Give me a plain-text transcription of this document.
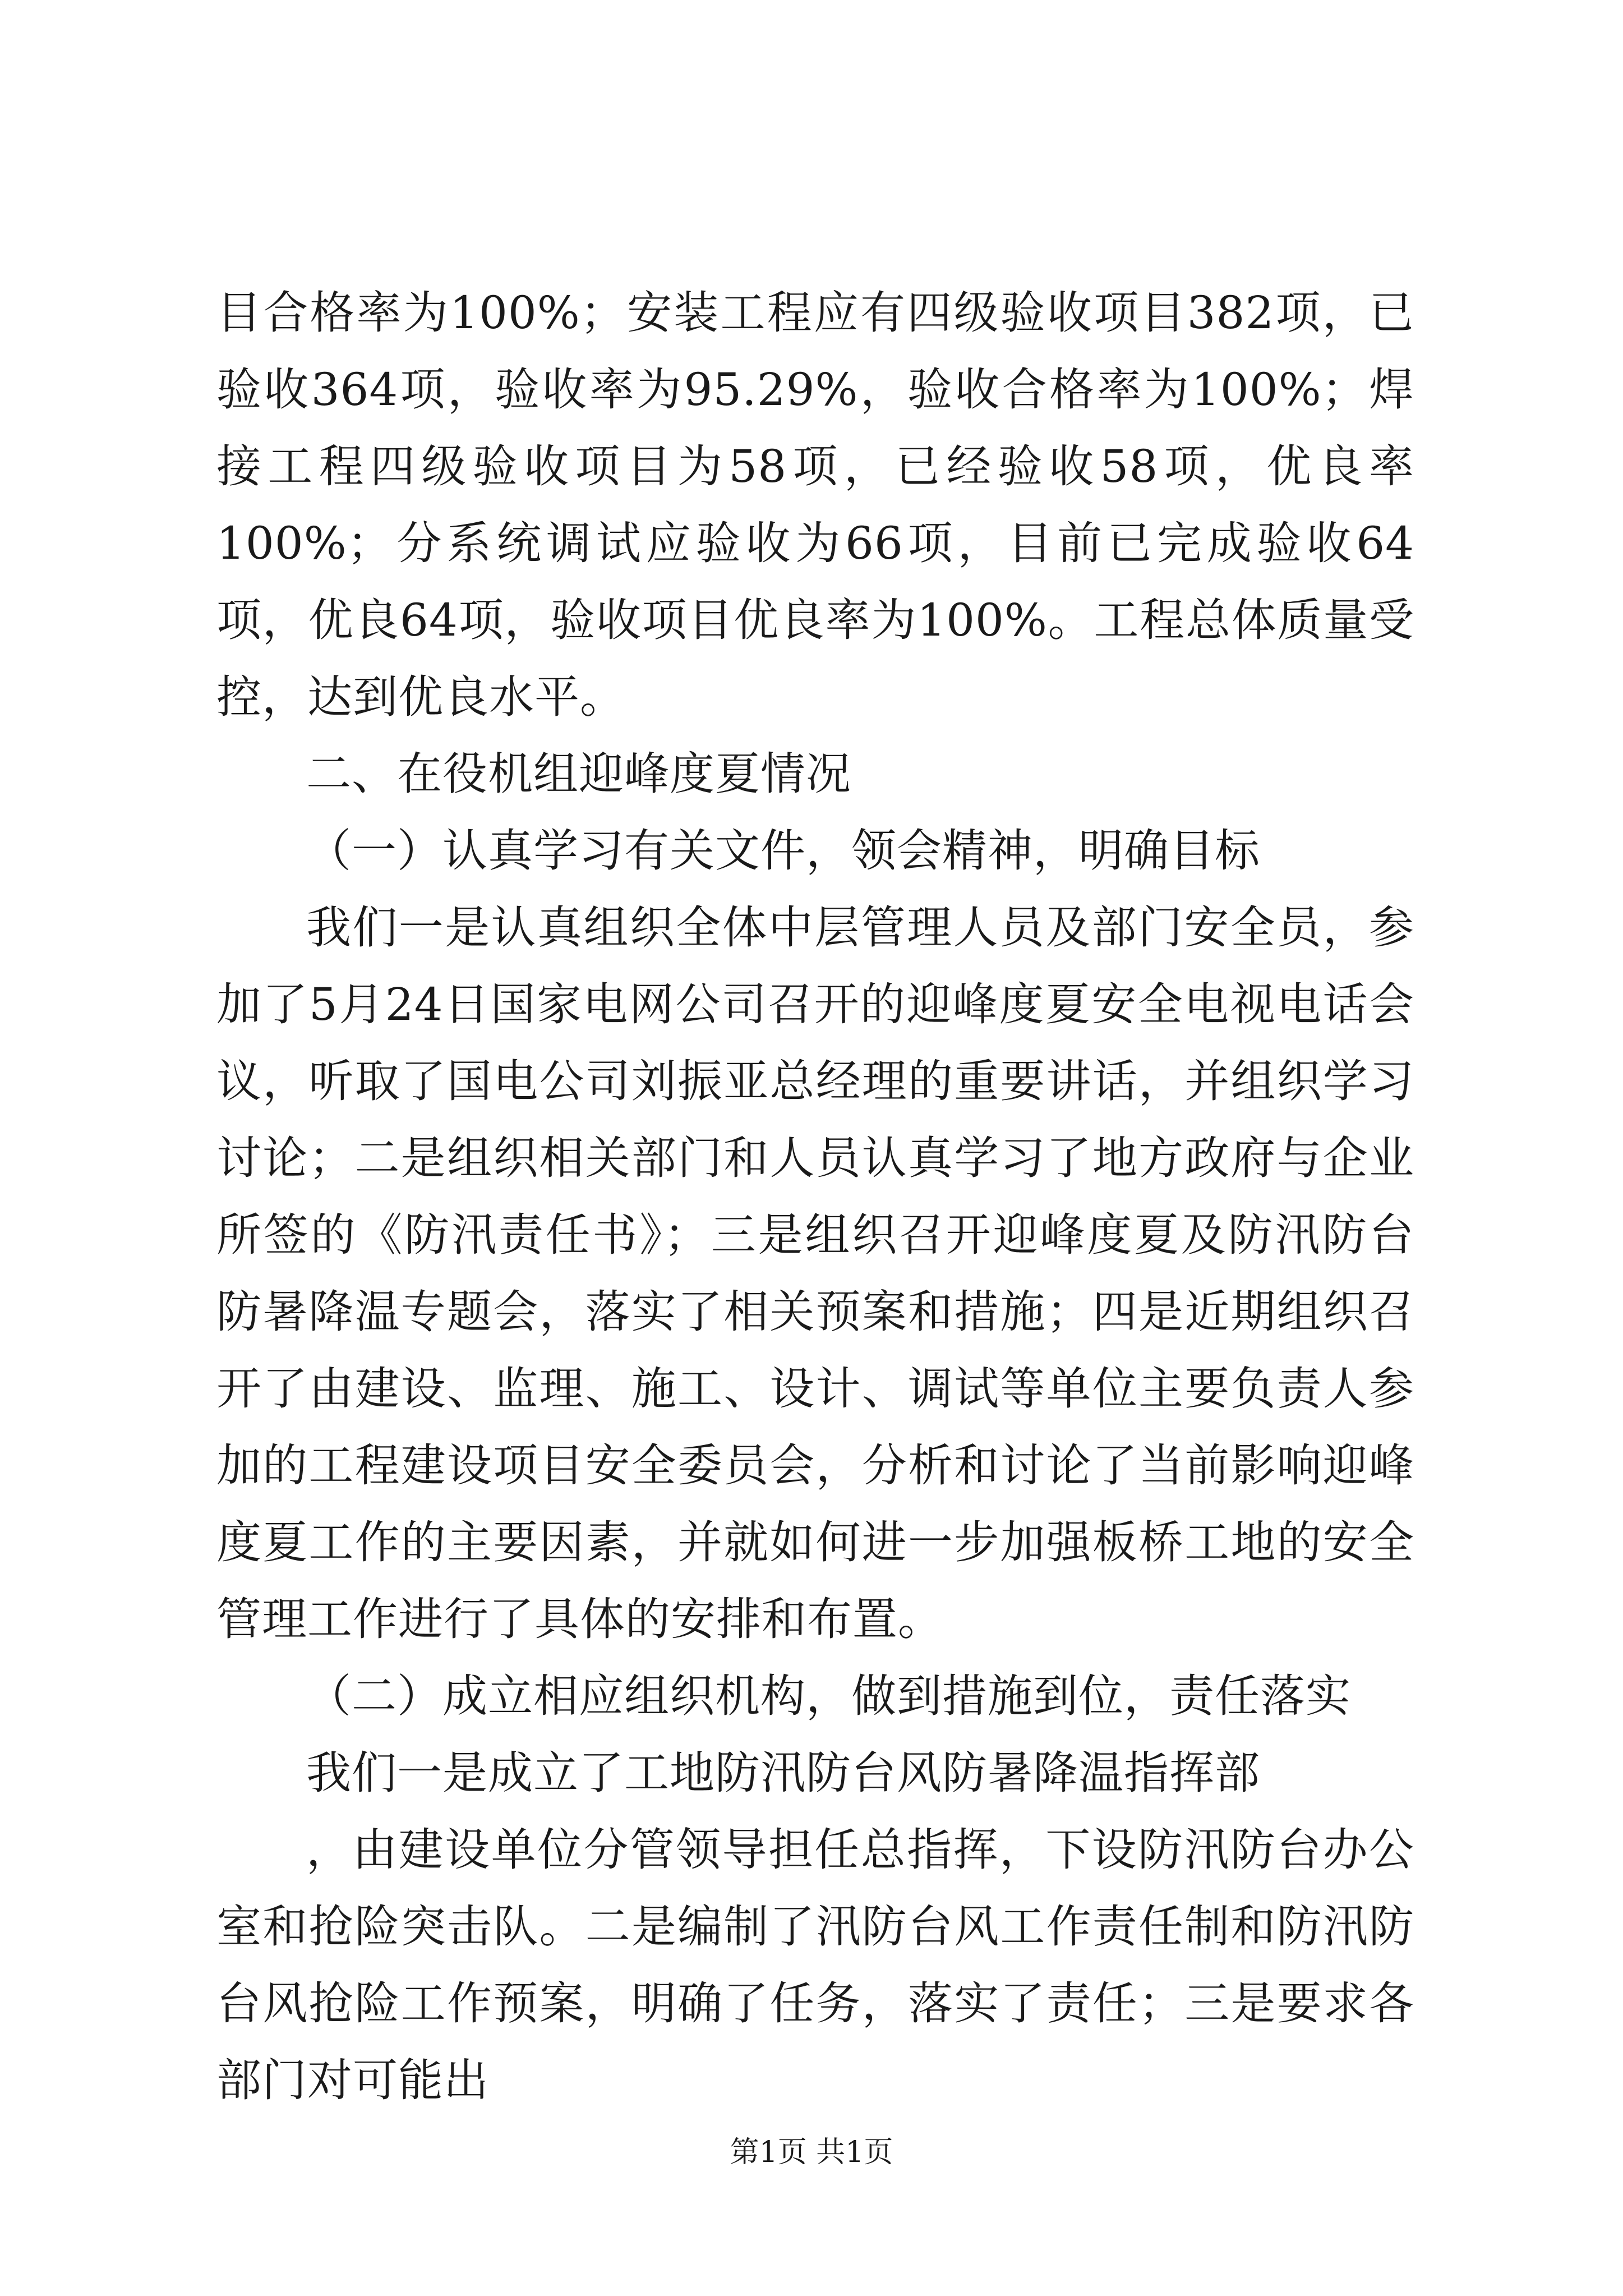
目合格率为100%；安装工程应有四级验收项目382项，已验收364项，验收率为95.29%，验收合格率为100%；焊接工程四级验收项目为58项，已经验收58项，优良率100%；分系统调试应验收为66项，目前已完成验收64项，优良64项，验收项目优良率为100%。工程总体质量受控，达到优良水平。

二、在役机组迎峰度夏情况

（一）认真学习有关文件，领会精神，明确目标

我们一是认真组织全体中层管理人员及部门安全员，参加了5月24日国家电网公司召开的迎峰度夏安全电视电话会议，听取了国电公司刘振亚总经理的重要讲话，并组织学习讨论；二是组织相关部门和人员认真学习了地方政府与企业所签的《防汛责任书》；三是组织召开迎峰度夏及防汛防台防暑降温专题会，落实了相关预案和措施；四是近期组织召开了由建设、监理、施工、设计、调试等单位主要负责人参加的工程建设项目安全委员会，分析和讨论了当前影响迎峰度夏工作的主要因素，并就如何进一步加强板桥工地的安全管理工作进行了具体的安排和布置。

（二）成立相应组织机构，做到措施到位，责任落实

我们一是成立了工地防汛防台风防暑降温指挥部

，由建设单位分管领导担任总指挥，下设防汛防台办公室和抢险突击队。二是编制了汛防台风工作责任制和防汛防台风抢险工作预案，明确了任务，落实了责任；三是要求各部门对可能出

第1页 共1页
